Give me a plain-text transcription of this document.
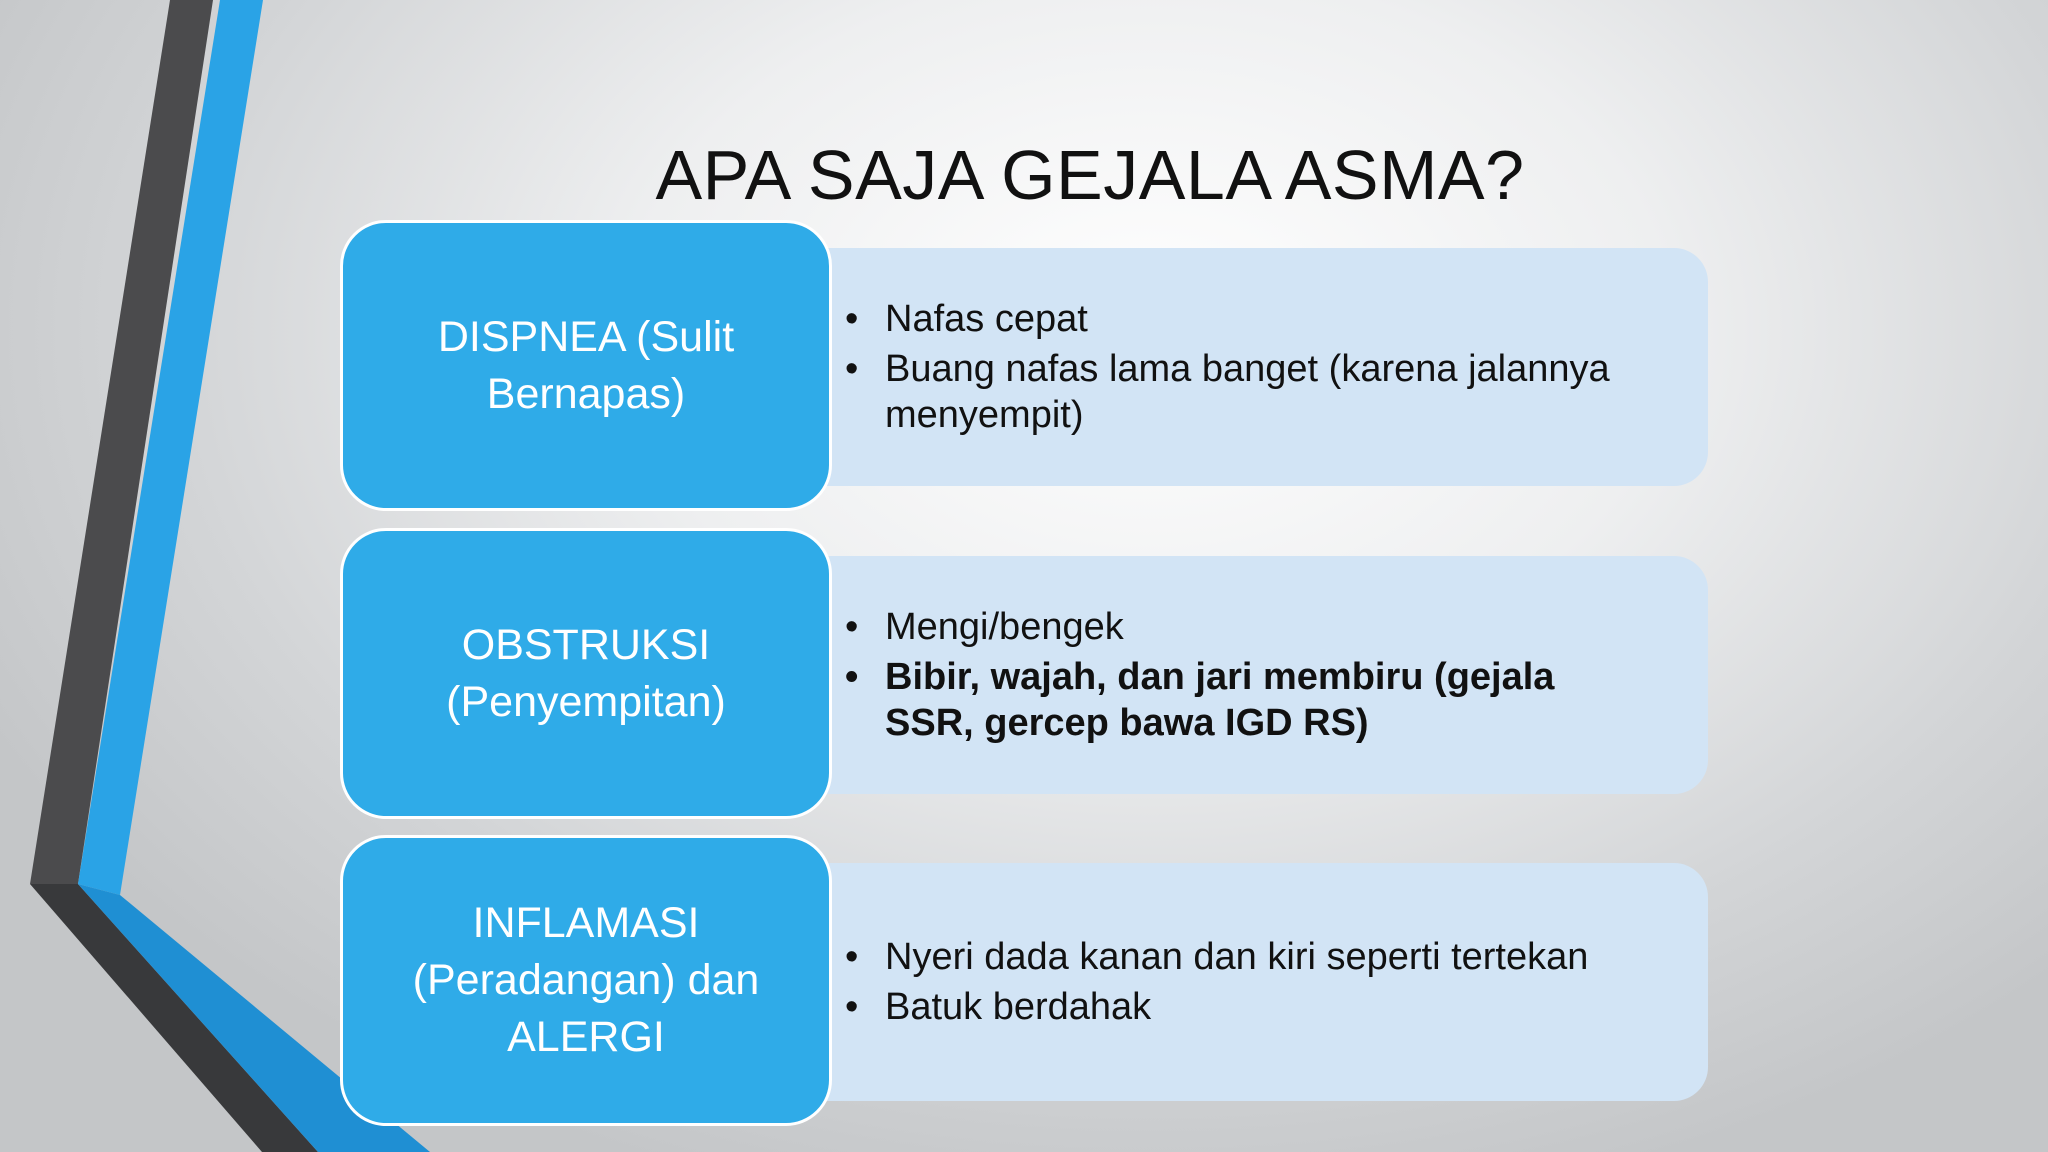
APA SAJA GEJALA ASMA?
• Nafas cepat
• Buang nafas lama banget (karena jalannya menyempit)
DISPNEA (Sulit Bernapas)
• Mengi/bengek
• Bibir, wajah, dan jari membiru (gejala SSR, gercep bawa IGD RS)
OBSTRUKSI (Penyempitan)
• Nyeri dada kanan dan kiri seperti tertekan
• Batuk berdahak
INFLAMASI (Peradangan) dan ALERGI
